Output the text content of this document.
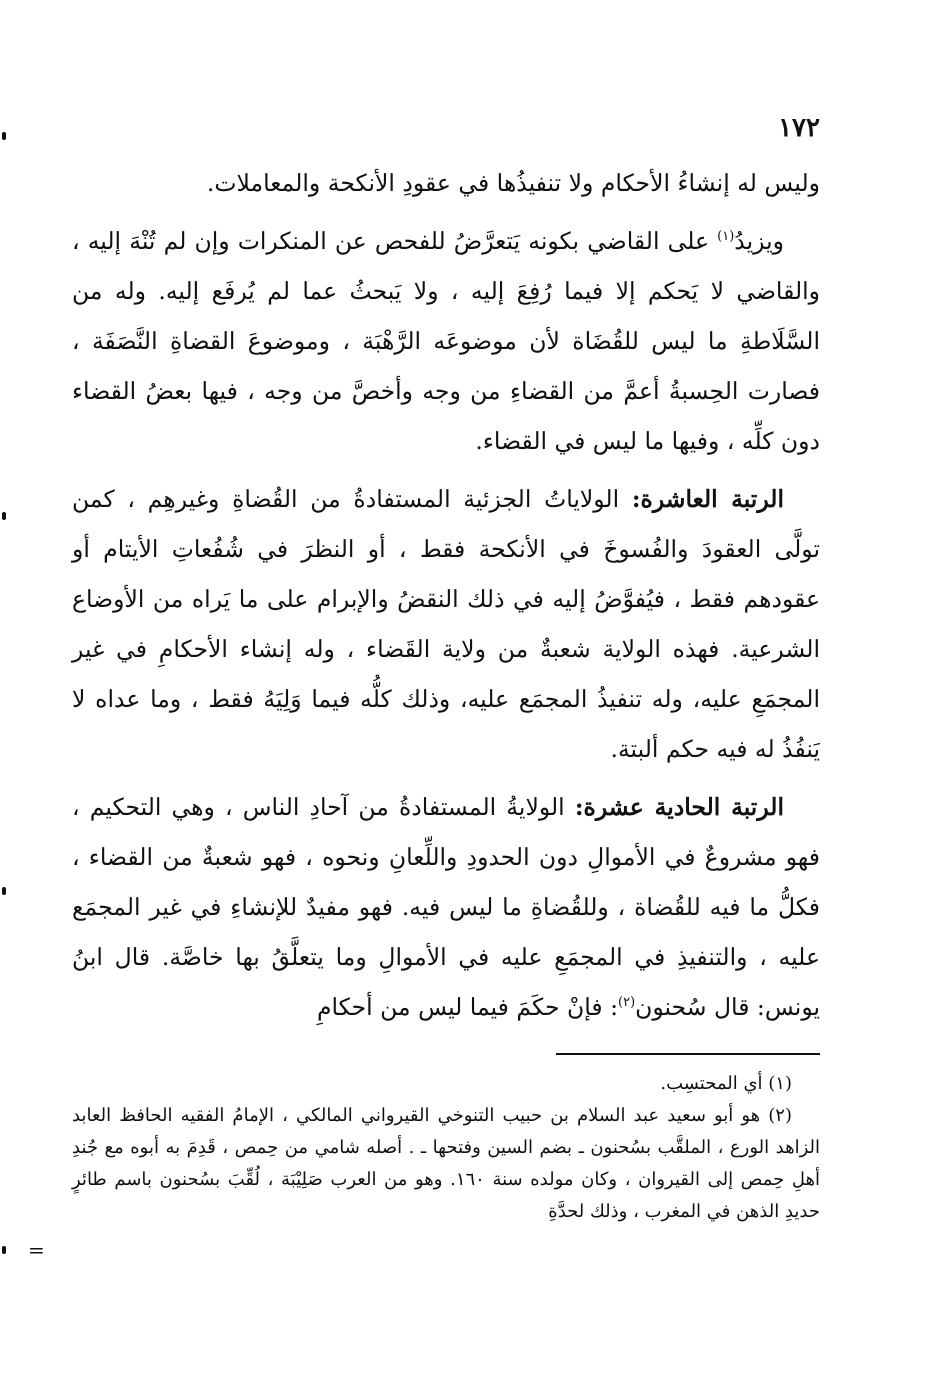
١٧٢

وليس له إنشاءُ الأحكام ولا تنفيذُها في عقودِ الأنكحة والمعاملات.

ويزيدُ$^{(١)}$ على القاضي بكونه يَتعرَّضُ للفحص عن المنكرات وإن لم تُنْهَ إليه ، والقاضي لا يَحكم إلا فيما رُفِعَ إليه ، ولا يَبحثُ عما لم يُرفَع إليه. وله من السَّلَاطةِ ما ليس للقُضَاة لأن موضوعَه الرَّهْبَة ، وموضوعَ القضاةِ النَّصَفَة ، فصارت الحِسبةُ أعمَّ من القضاءِ من وجه وأخصَّ من وجه ، فيها بعضُ القضاء دون كلِّه ، وفيها ما ليس في القضاء.

الرتبة العاشرة: الولاياتُ الجزئية المستفادةُ من القُضاةِ وغيرهِم ، كمن تولَّى العقودَ والفُسوخَ في الأنكحة فقط ، أو النظرَ في شُفُعاتِ الأيتام أو عقودهم فقط ، فيُفوَّضُ إليه في ذلك النقضُ والإبرام على ما يَراه من الأوضاع الشرعية. فهذه الولاية شعبةٌ من ولاية القَضاء ، وله إنشاء الأحكامِ في غير المجمَعِ عليه، وله تنفيذُ المجمَع عليه، وذلك كلُّه فيما وَلِيَهُ فقط ، وما عداه لا يَنفُذُ له فيه حكم ألبتة.

الرتبة الحادية عشرة: الولايةُ المستفادةُ من آحادِ الناس ، وهي التحكيم ، فهو مشروعٌ في الأموالِ دون الحدودِ واللِّعانِ ونحوه ، فهو شعبةٌ من القضاء ، فكلُّ ما فيه للقُضاة ، وللقُضاةِ ما ليس فيه. فهو مفيدٌ للإنشاءِ في غير المجمَع عليه ، والتنفيذِ في المجمَعِ عليه في الأموالِ وما يتعلَّقُ بها خاصَّة. قال ابنُ يونس: قال سُحنون$^{(٢)}$: فإنْ حكَمَ فيما ليس من أحكامِ

(١) أي المحتسِب.

(٢) هو أبو سعيد عبد السلام بن حبيب التنوخي القيرواني المالكي ، الإمامُ الفقيه الحافظ العابد الزاهد الورع ، الملقَّب بسُحنون ـ بضم السين وفتحها ـ . أصله شامي من حِمص ، قَدِمَ به أبوه مع جُندِ أهلِ حِمص إلى القيروان ، وكان مولده سنة ١٦٠. وهو من العرب صَلِيْبَة ، لُقِّبَ بسُحنون باسم طائرٍ حديدِ الذهن في المغرب ، وذلك لحدَّةِ

=
